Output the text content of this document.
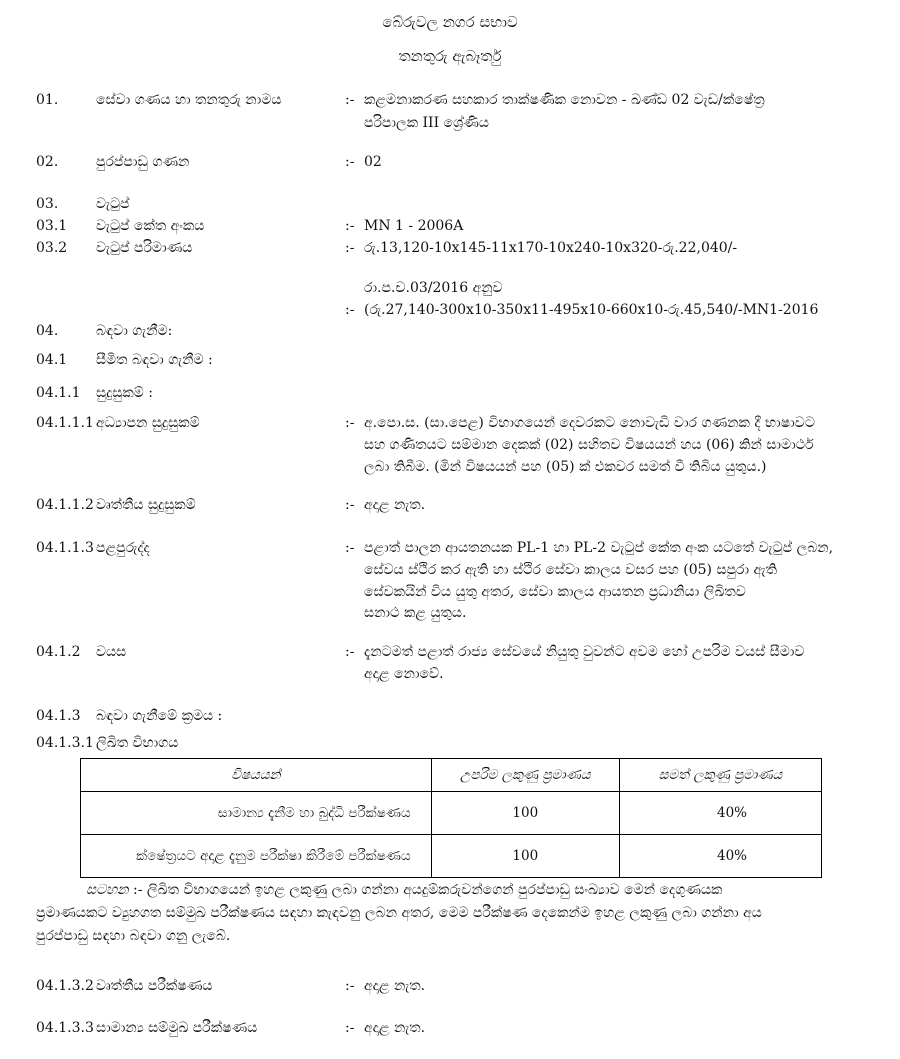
බේරුවල නගර සභාව
තනතුරු ඇබෑර්තු
01.	සේවා ගණය හා තනතුරු නාමය	:- කළමනාකරණ සහකාර තාක්ෂණික නොවන - ඛණ්ඩ 02 වැඩ/ක්ෂේත්‍ර
පරිපාලක III ශ්‍රේණිය
02.	පුරප්පාඩු ගණන	:- 02
03.	වැටුප්
03.1 වැටුප් කේත අංකය	:- MN 1 - 2006A
03.2 වැටුප් පරිමාණය	:- රු.13,120-10x145-11x170-10x240-10x320-රු.22,040/-
රා.ප.ච.03/2016 අනුව
:- (රු.27,140-300x10-350x11-495x10-660x10-රු.45,540/-MN1-2016
04.	බඳවා ගැනීම:
04.1 සීමිත බඳවා ගැනීම :
04.1.1 සුදුසුකම් :
04.1.1.1 අධ්‍යාපන සුදුසුකම්	:- අ.පො.ස. (සා.පෙළ) විභාගයෙන් දෙවරකට නොවැඩි වාර ගණනක දී භාෂාවට
සහ ගණිතයට සම්මාන දෙකක් (02) සහිතව විෂයයන් හය (06) කින් සාමාර්ථ
ලබා තිබීම. (මින් විෂයයන් පහ (05) ක් එකවර සමත් වී තිබිය යුතුය.)
04.1.1.2 වෘත්තීය සුදුසුකම්	:- අදාළ නැත.
04.1.1.3 පළපුරුද්ද	:- පළාත් පාලන ආයතනයක PL-1 හා PL-2 වැටුප් කේත අංක යටතේ වැටුප් ලබන,
සේවය ස්ථිර කර ඇති හා ස්ථිර සේවා කාලය වසර පහ (05) සපුරා ඇති
සේවකයින් විය යුතු අතර, සේවා කාලය ආයතන ප්‍රධානියා ලිඛිතව
සනාථ කළ යුතුය.
04.1.2 වයස	:- දැනටමත් පළාත් රාජ්‍ය සේවයේ නියුතු වුවන්ට අවම හෝ උපරිම වයස් සීමාව
අදාළ නොවේ.
04.1.3 බඳවා ගැනීමේ ක්‍රමය :
04.1.3.1 ලිඛිත විභාගය
විෂයයන්	උපරිම ලකුණු ප්‍රමාණය	සමත් ලකුණු ප්‍රමාණය
සාමාන්‍ය දැනීම හා බුද්ධි පරීක්ෂණය	100	40%
ක්ෂේත්‍රයට අදාළ දැනුම පරීක්ෂා කිරීමේ පරීක්ෂණය	100	40%
සටහන :- ලිඛිත විභාගයෙන් ඉහළ ලකුණු ලබා ගන්නා අයදුම්කරුවන්ගෙන් පුරප්පාඩු සංඛ්‍යාව මෙන් දෙගුණයක
ප්‍රමාණයකට ව්‍යුහගත සම්මුඛ පරීක්ෂණය සඳහා කැඳවනු ලබන අතර, මෙම පරීක්ෂණ දෙකෙන්ම ඉහළ ලකුණු ලබා ගන්නා අය
පුරප්පාඩු සඳහා බඳවා ගනු ලැබේ.
04.1.3.2 වෘත්තීය පරීක්ෂණය	:- අදාළ නැත.
04.1.3.3 සාමාන්‍ය සම්මුඛ පරීක්ෂණය	:- අදාළ නැත.
